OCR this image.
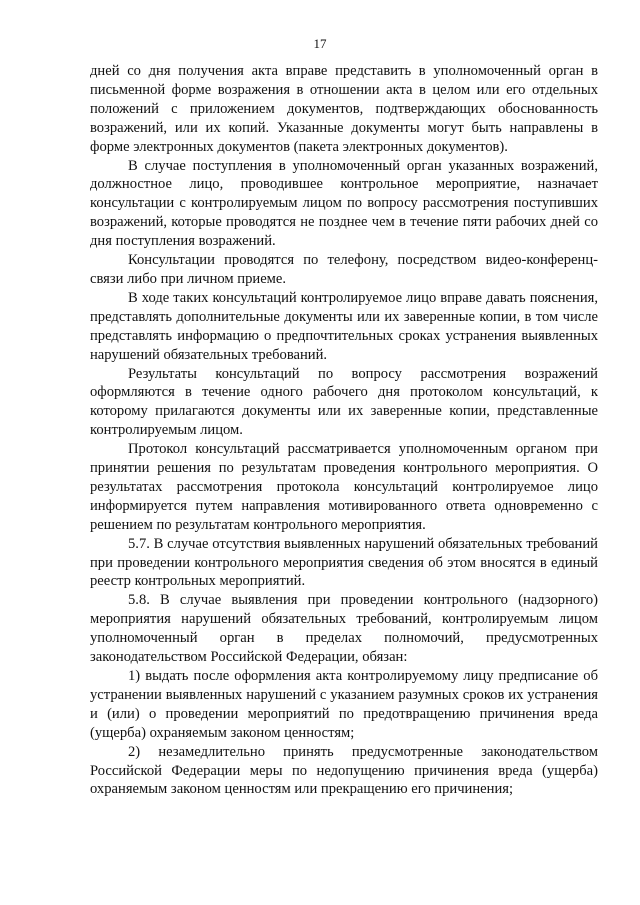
17

дней со дня получения акта вправе представить в уполномоченный орган в письменной форме возражения в отношении акта в целом или его отдельных положений с приложением документов, подтверждающих обоснованность возражений, или их копий. Указанные документы могут быть направлены в форме электронных документов (пакета электронных документов).

В случае поступления в уполномоченный орган указанных возражений, должностное лицо, проводившее контрольное мероприятие, назначает консультации с контролируемым лицом по вопросу рассмотрения поступивших возражений, которые проводятся не позднее чем в течение пяти рабочих дней со дня поступления возражений.

Консультации проводятся по телефону, посредством видео-конференц-связи либо при личном приеме.

В ходе таких консультаций контролируемое лицо вправе давать пояснения, представлять дополнительные документы или их заверенные копии, в том числе представлять информацию о предпочтительных сроках устранения выявленных нарушений обязательных требований.

Результаты консультаций по вопросу рассмотрения возражений оформляются в течение одного рабочего дня протоколом консультаций, к которому прилагаются документы или их заверенные копии, представленные контролируемым лицом.

Протокол консультаций рассматривается уполномоченным органом при принятии решения по результатам проведения контрольного мероприятия. О результатах рассмотрения протокола консультаций контролируемое лицо информируется путем направления мотивированного ответа одновременно с решением по результатам контрольного мероприятия.

5.7. В случае отсутствия выявленных нарушений обязательных требований при проведении контрольного мероприятия сведения об этом вносятся в единый реестр контрольных мероприятий.

5.8. В случае выявления при проведении контрольного (надзорного) мероприятия нарушений обязательных требований, контролируемым лицом уполномоченный орган в пределах полномочий, предусмотренных законодательством Российской Федерации, обязан:

1) выдать после оформления акта контролируемому лицу предписание об устранении выявленных нарушений с указанием разумных сроков их устранения и (или) о проведении мероприятий по предотвращению причинения вреда (ущерба) охраняемым законом ценностям;

2) незамедлительно принять предусмотренные законодательством Российской Федерации меры по недопущению причинения вреда (ущерба) охраняемым законом ценностям или прекращению его причинения;
